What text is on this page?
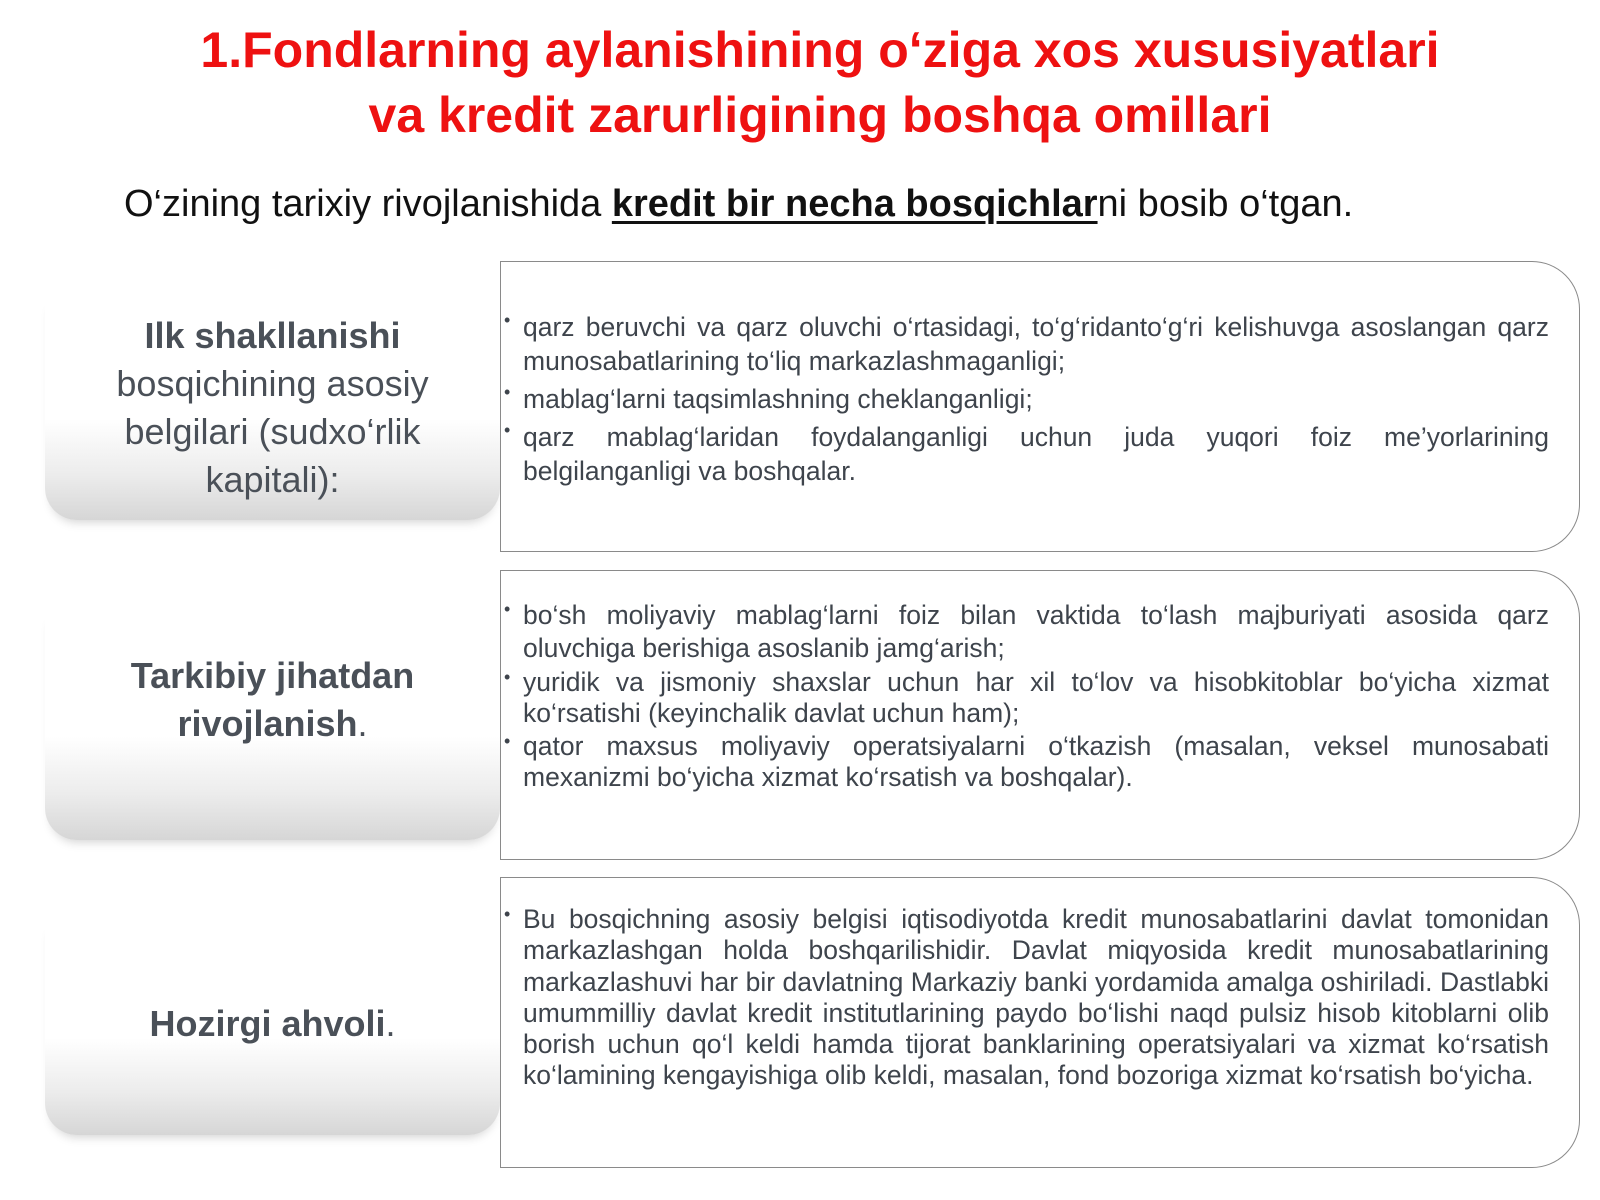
1.Fondlarning aylanishining o‘ziga xos xususiyatlari
va kredit zarurligining boshqa omillari

O‘zining tarixiy rivojlanishida kredit bir necha bosqichlarni bosib o‘tgan.

Ilk shakllanishi
bosqichining asosiy belgilari (sudxo‘rlik kapitali):
• qarz beruvchi va qarz oluvchi o‘rtasidagi, to‘g‘ridanto‘g‘ri kelishuvga asoslangan qarz munosabatlarining to‘liq markazlashmaganligi;
• mablag‘larni taqsimlashning cheklanganligi;
• qarz mablag‘laridan foydalanganligi uchun juda yuqori foiz me’yorlarining belgilanganligi va boshqalar.
Tarkibiy jihatdan rivojlanish.
• bo‘sh moliyaviy mablag‘larni foiz bilan vaktida to‘lash majburiyati asosida qarz oluvchiga berishiga asoslanib jamg‘arish;
• yuridik va jismoniy shaxslar uchun har xil to‘lov va hisobkitoblar bo‘yicha xizmat ko‘rsatishi (keyinchalik davlat uchun ham);
• qator maxsus moliyaviy operatsiyalarni o‘tkazish (masalan, veksel munosabati mexanizmi bo‘yicha xizmat ko‘rsatish va boshqalar).
Hozirgi ahvoli.
• Bu bosqichning asosiy belgisi iqtisodiyotda kredit munosabatlarini davlat tomonidan markazlashgan holda boshqarilishidir. Davlat miqyosida kredit munosabatlarining markazlashuvi har bir davlatning Markaziy banki yordamida amalga oshiriladi. Dastlabki umummilliy davlat kredit institutlarining paydo bo‘lishi naqd pulsiz hisob kitoblarni olib borish uchun qo‘l keldi hamda tijorat banklarining operatsiyalari va xizmat ko‘rsatish ko‘lamining kengayishiga olib keldi, masalan, fond bozoriga xizmat ko‘rsatish bo‘yicha.
